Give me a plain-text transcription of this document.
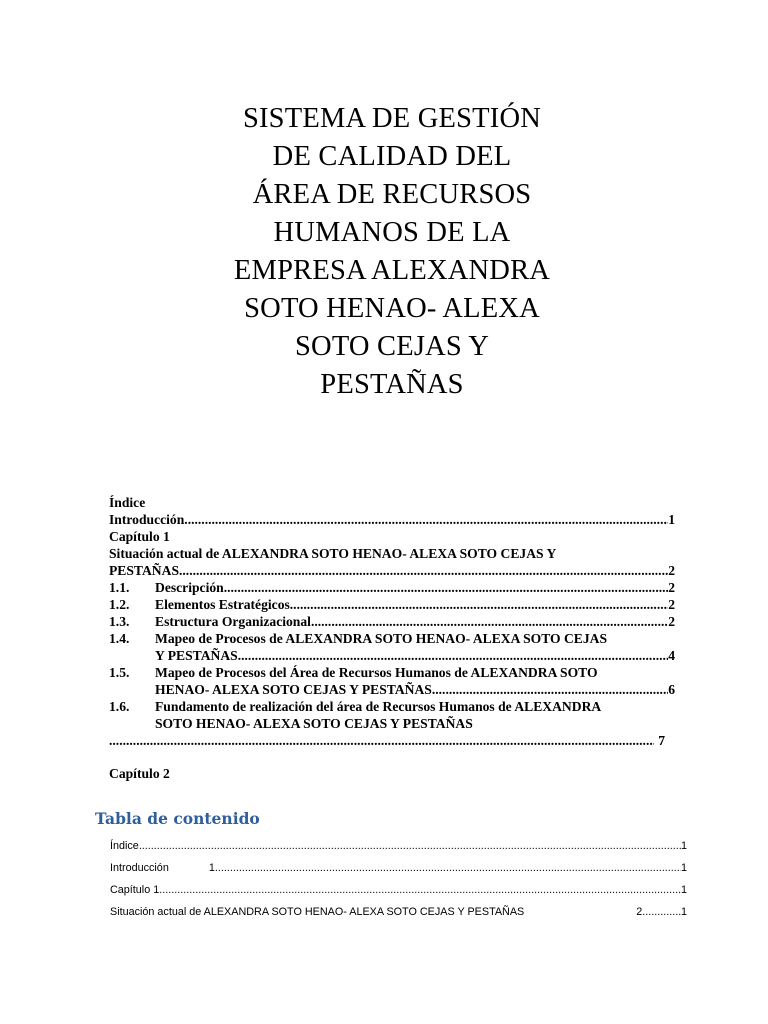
SISTEMA DE GESTIÓN
DE CALIDAD DEL
ÁREA DE RECURSOS
HUMANOS DE LA
EMPRESA ALEXANDRA
SOTO HENAO- ALEXA
SOTO CEJAS Y
PESTAÑAS
Índice
Introducción .....	1
Capítulo 1
Situación actual de ALEXANDRA SOTO HENAO- ALEXA SOTO CEJAS Y
PESTAÑAS .....	2
1.1.	Descripción .....	2
1.2.	Elementos Estratégicos .....	2
1.3.	Estructura Organizacional .....	2
1.4.	Mapeo de Procesos de ALEXANDRA SOTO HENAO- ALEXA SOTO CEJAS
Y PESTAÑAS .....	4
1.5.	Mapeo de Procesos del Área de Recursos Humanos de ALEXANDRA SOTO
HENAO- ALEXA SOTO CEJAS Y PESTAÑAS .....	6
1.6.	Fundamento de realización del área de Recursos Humanos de ALEXANDRA
SOTO HENAO- ALEXA SOTO CEJAS Y PESTAÑAS
.....
7
Capítulo 2
Tabla de contenido
Índice .....	1
Introducción	1 .....	1
Capítulo 1 .....	1
Situación actual de ALEXANDRA SOTO HENAO- ALEXA SOTO CEJAS Y PESTAÑAS	2 .....	1
